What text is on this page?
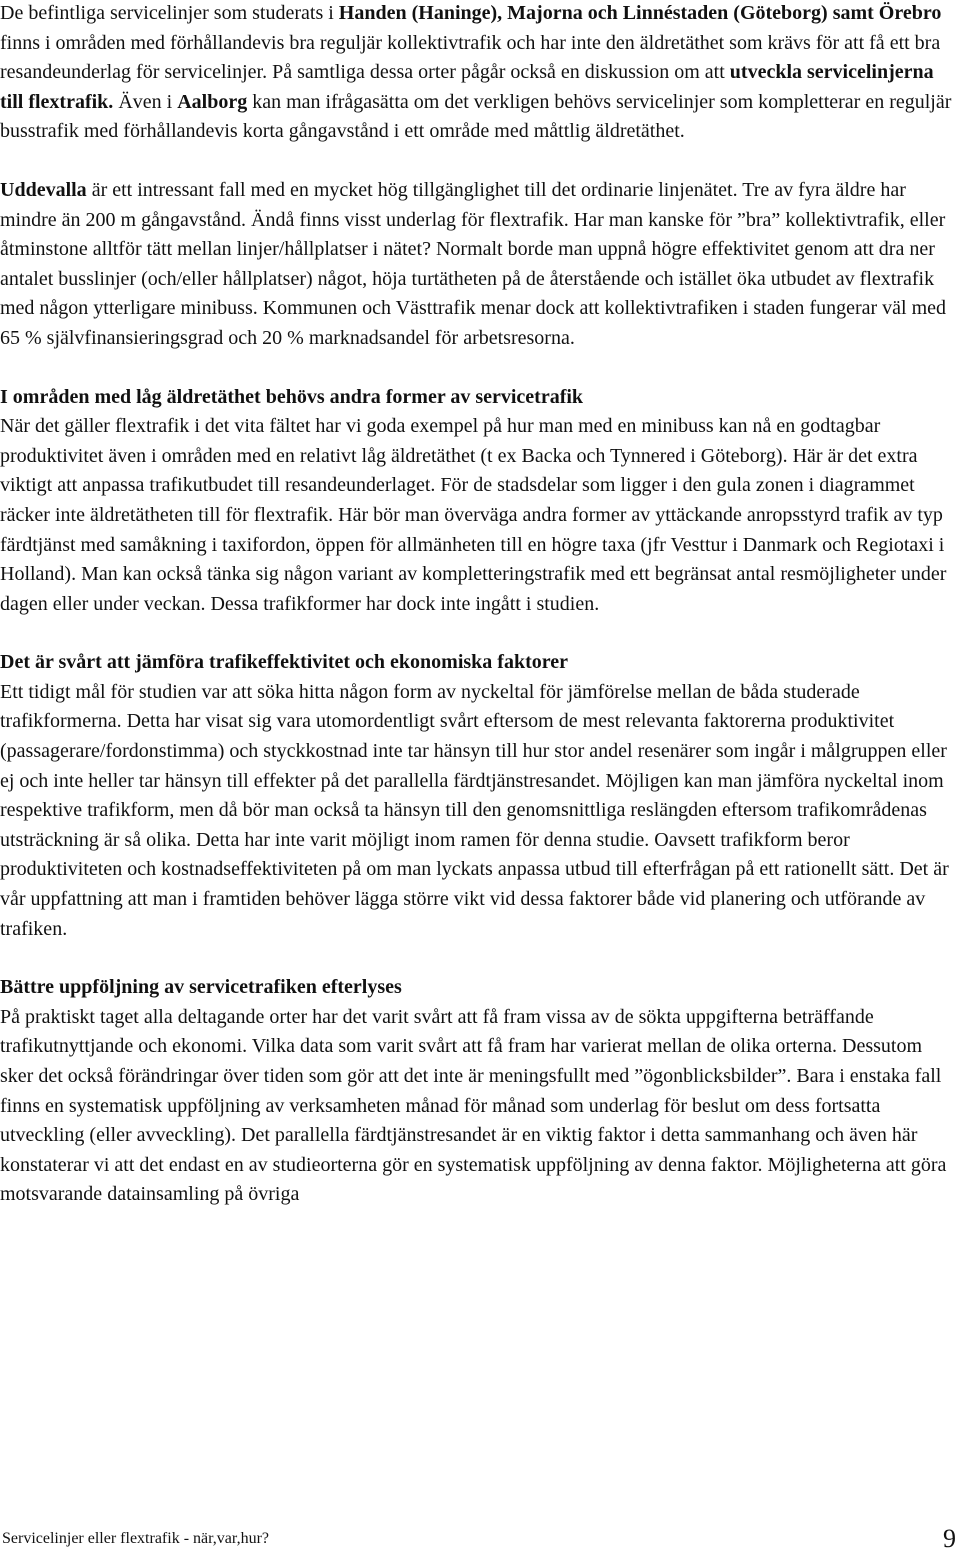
De befintliga servicelinjer som studerats i Handen (Haninge), Majorna och Linnéstaden (Göteborg) samt Örebro finns i områden med förhållandevis bra reguljär kollektivtrafik och har inte den äldretäthet som krävs för att få ett bra resandeunderlag för servicelinjer. På samtliga dessa orter pågår också en diskussion om att utveckla servicelinjerna till flextrafik. Även i Aalborg kan man ifrågasätta om det verkligen behövs servicelinjer som kompletterar en reguljär busstrafik med förhållandevis korta gångavstånd i ett område med måttlig äldretäthet.

Uddevalla är ett intressant fall med en mycket hög tillgänglighet till det ordinarie linjenätet. Tre av fyra äldre har mindre än 200 m gångavstånd. Ändå finns visst underlag för flextrafik. Har man kanske för ”bra” kollektivtrafik, eller åtminstone alltför tätt mellan linjer/hållplatser i nätet? Normalt borde man uppnå högre effektivitet genom att dra ner antalet busslinjer (och/eller hållplatser) något, höja turtätheten på de återstående och istället öka utbudet av flextrafik med någon ytterligare minibuss. Kommunen och Västtrafik menar dock att kollektivtrafiken i staden fungerar väl med 65 % självfinansieringsgrad och 20 % marknadsandel för arbetsresorna.

I områden med låg äldretäthet behövs andra former av servicetrafik

När det gäller flextrafik i det vita fältet har vi goda exempel på hur man med en minibuss kan nå en godtagbar produktivitet även i områden med en relativt låg äldretäthet (t ex Backa och Tynnered i Göteborg). Här är det extra viktigt att anpassa trafikutbudet till resandeunderlaget. För de stadsdelar som ligger i den gula zonen i diagrammet räcker inte äldretätheten till för flextrafik. Här bör man överväga andra former av yttäckande anropsstyrd trafik av typ färdtjänst med samåkning i taxifordon, öppen för allmänheten till en högre taxa (jfr Vesttur i Danmark och Regiotaxi i Holland). Man kan också tänka sig någon variant av kompletteringstrafik med ett begränsat antal resmöjligheter under dagen eller under veckan. Dessa trafikformer har dock inte ingått i studien.

Det är svårt att jämföra trafikeffektivitet och ekonomiska faktorer

Ett tidigt mål för studien var att söka hitta någon form av nyckeltal för jämförelse mellan de båda studerade trafikformerna. Detta har visat sig vara utomordentligt svårt eftersom de mest relevanta faktorerna produktivitet (passagerare/fordonstimma) och styckkostnad inte tar hänsyn till hur stor andel resenärer som ingår i målgruppen eller ej och inte heller tar hänsyn till effekter på det parallella färdtjänstresandet. Möjligen kan man jämföra nyckeltal inom respektive trafikform, men då bör man också ta hänsyn till den genomsnittliga reslängden eftersom trafikområdenas utsträckning är så olika. Detta har inte varit möjligt inom ramen för denna studie. Oavsett trafikform beror produktiviteten och kostnadseffektiviteten på om man lyckats anpassa utbud till efterfrågan på ett rationellt sätt. Det är vår uppfattning att man i framtiden behöver lägga större vikt vid dessa faktorer både vid planering och utförande av trafiken.

Bättre uppföljning av servicetrafiken efterlyses

På praktiskt taget alla deltagande orter har det varit svårt att få fram vissa av de sökta uppgifterna beträffande trafikutnyttjande och ekonomi. Vilka data som varit svårt att få fram har varierat mellan de olika orterna. Dessutom sker det också förändringar över tiden som gör att det inte är meningsfullt med ”ögonblicksbilder”. Bara i enstaka fall finns en systematisk uppföljning av verksamheten månad för månad som underlag för beslut om dess fortsatta utveckling (eller avveckling). Det parallella färdtjänstresandet är en viktig faktor i detta sammanhang och även här konstaterar vi att det endast en av studieorterna gör en systematisk uppföljning av denna faktor. Möjligheterna att göra motsvarande datainsamling på övriga

Servicelinjer eller flextrafik - när,var,hur?	9
